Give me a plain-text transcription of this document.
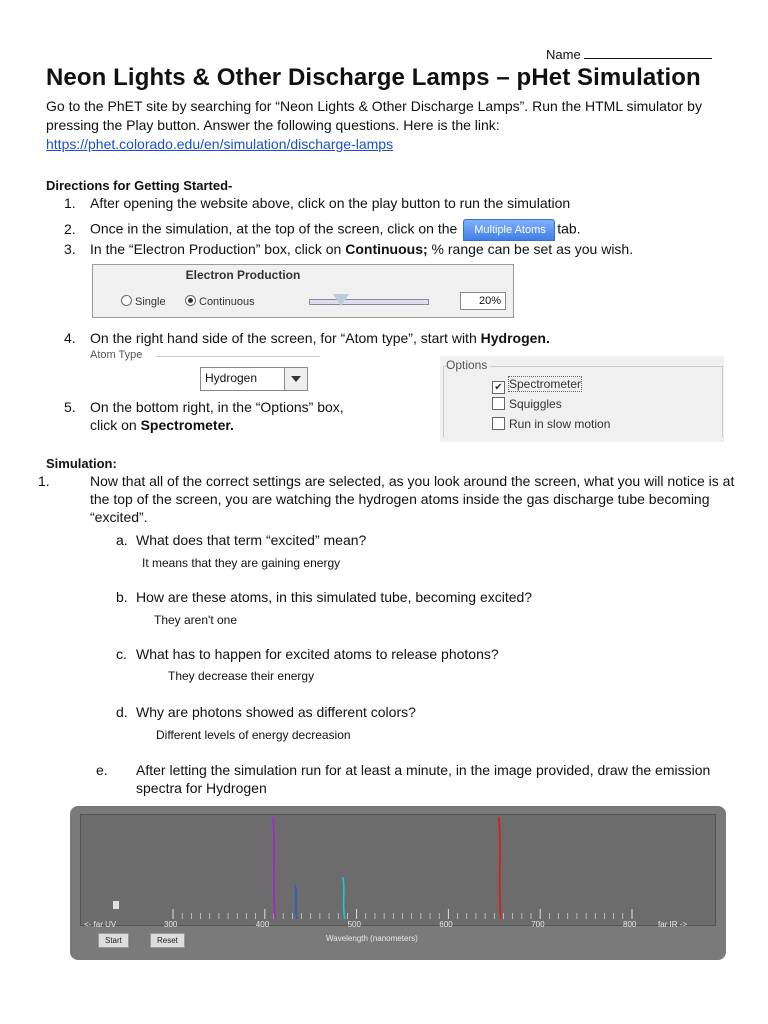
Name
Neon Lights & Other Discharge Lamps – pHet Simulation
Go to the PhET site by searching for “Neon Lights & Other Discharge Lamps”. Run the HTML simulator by pressing the Play button. Answer the following questions. Here is the link:
https://phet.colorado.edu/en/simulation/discharge-lamps
Directions for Getting Started-
1. After opening the website above, click on the play button to run the simulation
2. Once in the simulation, at the top of the screen, click on the Multiple Atoms tab.
3. In the “Electron Production” box, click on Continuous; % range can be set as you wish.
Electron Production
Single	Continuous	20%
4. On the right hand side of the screen, for “Atom type”, start with Hydrogen.
Atom Type
Hydrogen
Options
✔ Spectrometer
Squiggles
Run in slow motion
5. On the bottom right, in the “Options” box,
click on Spectrometer.
Simulation:
1.	Now that all of the correct settings are selected, as you look around the screen, what you will notice is at the top of the screen, you are watching the hydrogen atoms inside the gas discharge tube becoming “excited”.
a. What does that term “excited” mean?
It means that they are gaining energy
b. How are these atoms, in this simulated tube, becoming excited?
They aren't one
c. What has to happen for excited atoms to release photons?
They decrease their energy
d. Why are photons showed as different colors?
Different levels of energy decreasion
e. After letting the simulation run for at least a minute, in the image provided, draw the emission spectra for Hydrogen
<- far UV	far IR ->
300	400	500	600	700	800
Wavelength (nanometers)
Start	Reset
